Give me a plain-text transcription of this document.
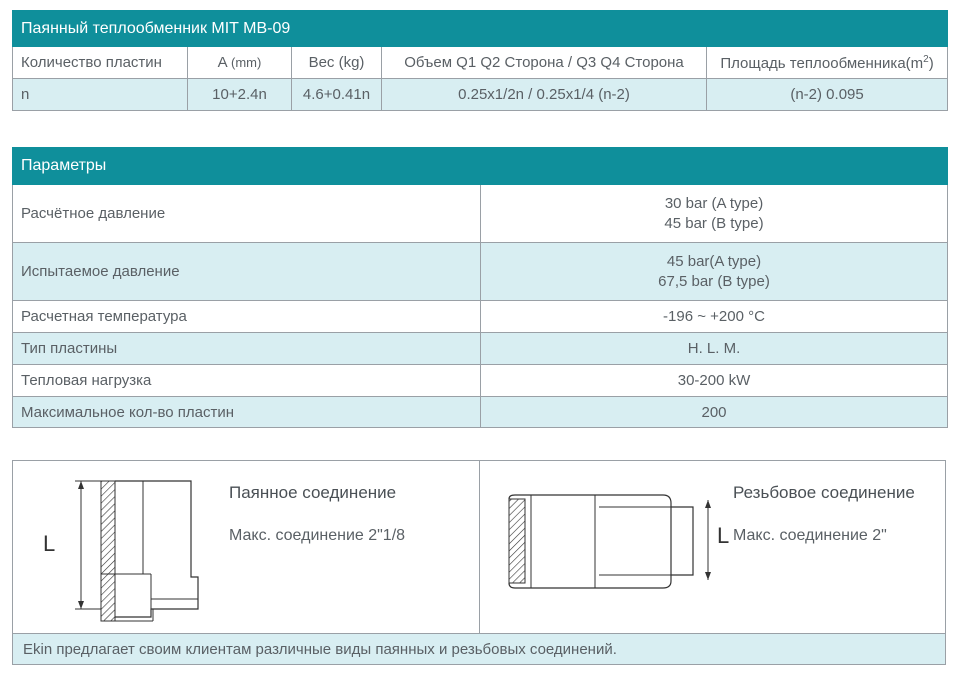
Паянный теплообменник MIT MB-09				
Количество пластин	A (mm)	Вес (kg)	Объем Q1 Q2 Сторона / Q3 Q4 Сторона	Площадь $теплообменника(m^2)$
n	10+2.4n	4.6+0.41n	0.25x1/2n / 0.25x1/4 (n-2)	(n-2) 0.095
Параметры	
Расчётное давление	30 bar (A type)
45 bar (B type)

Испытаемое давление	45 bar(A type)
67,5 bar (B type)

Расчетная температура	-196 ~ +200 °C
Тип пластины	H. L. M.
Тепловая нагрузка	30-200 kW
Максимальное кол-во пластин	200
L
Паянное соединение
Макс. соединение 2"1/8	L
Резьбовое соединение
Макс. соединение 2"
Ekin предлагает своим клиентам различные виды паянных и резьбовых соединений.
